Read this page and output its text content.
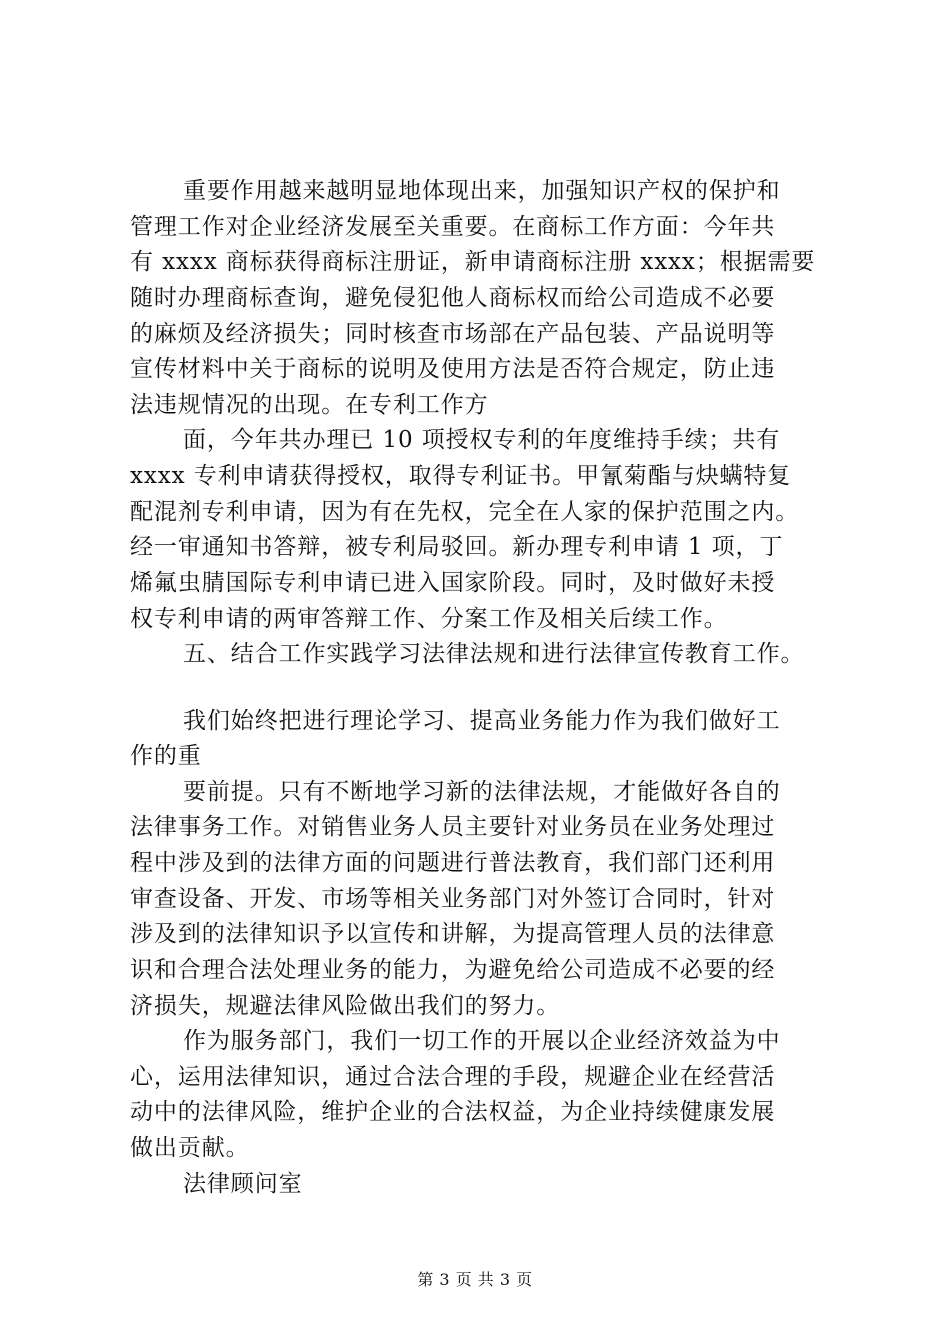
重要作用越来越明显地体现出来，加强知识产权的保护和
管理工作对企业经济发展至关重要。在商标工作方面：今年共
有 xxxx 商标获得商标注册证，新申请商标注册 xxxx；根据需要
随时办理商标查询，避免侵犯他人商标权而给公司造成不必要
的麻烦及经济损失；同时核查市场部在产品包装、产品说明等
宣传材料中关于商标的说明及使用方法是否符合规定，防止违
法违规情况的出现。在专利工作方
面，今年共办理已 10 项授权专利的年度维持手续；共有
xxxx 专利申请获得授权，取得专利证书。甲氰菊酯与炔螨特复
配混剂专利申请，因为有在先权，完全在人家的保护范围之内。
经一审通知书答辩，被专利局驳回。新办理专利申请 1 项，丁
烯氟虫腈国际专利申请已进入国家阶段。同时，及时做好未授
权专利申请的两审答辩工作、分案工作及相关后续工作。
五、结合工作实践学习法律法规和进行法律宣传教育工作。
我们始终把进行理论学习、提高业务能力作为我们做好工
作的重
要前提。只有不断地学习新的法律法规，才能做好各自的
法律事务工作。对销售业务人员主要针对业务员在业务处理过
程中涉及到的法律方面的问题进行普法教育，我们部门还利用
审查设备、开发、市场等相关业务部门对外签订合同时，针对
涉及到的法律知识予以宣传和讲解，为提高管理人员的法律意
识和合理合法处理业务的能力，为避免给公司造成不必要的经
济损失，规避法律风险做出我们的努力。
作为服务部门，我们一切工作的开展以企业经济效益为中
心，运用法律知识，通过合法合理的手段，规避企业在经营活
动中的法律风险，维护企业的合法权益，为企业持续健康发展
做出贡献。
法律顾问室
第 3 页 共 3 页
